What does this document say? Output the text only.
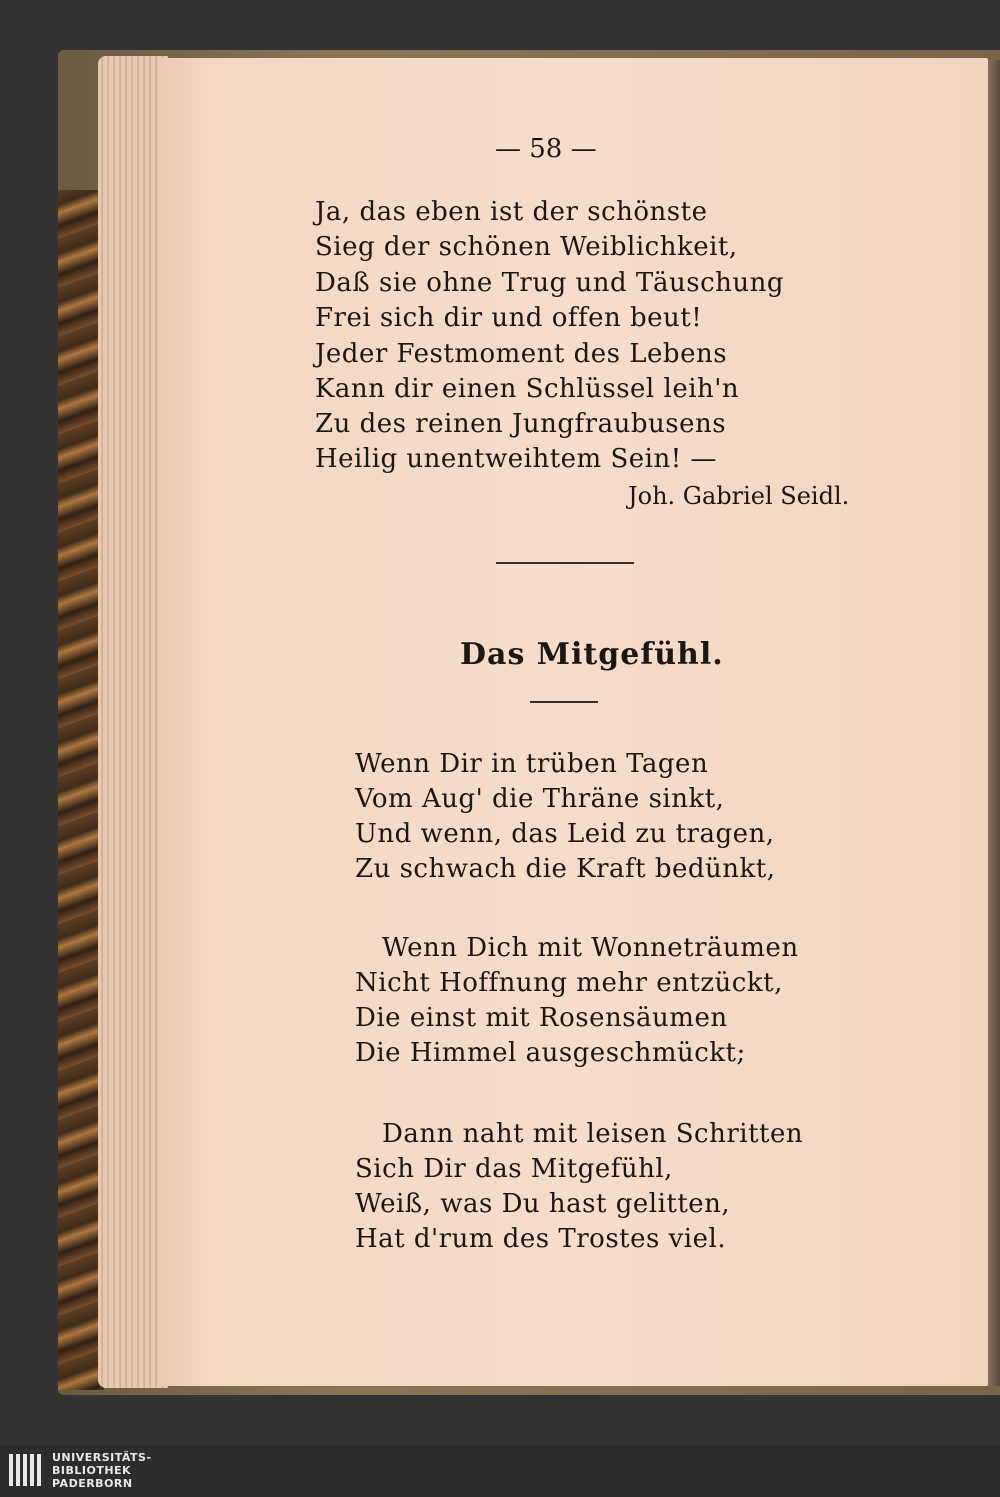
— 58 —
Ja, das eben ist der schönste
Sieg der schönen Weiblichkeit,
Daß sie ohne Trug und Täuschung
Frei sich dir und offen beut!
Jeder Festmoment des Lebens
Kann dir einen Schlüssel leih'n
Zu des reinen Jungfraubusens
Heilig unentweihtem Sein! —
Joh. Gabriel Seidl.
Das Mitgefühl.
Wenn Dir in trüben Tagen
Vom Aug' die Thräne sinkt,
Und wenn, das Leid zu tragen,
Zu schwach die Kraft bedünkt,
Wenn Dich mit Wonneträumen
Nicht Hoffnung mehr entzückt,
Die einst mit Rosensäumen
Die Himmel ausgeschmückt;
Dann naht mit leisen Schritten
Sich Dir das Mitgefühl,
Weiß, was Du hast gelitten,
Hat d'rum des Trostes viel.
UNIVERSITÄTS-
BIBLIOTHEK
PADERBORN
